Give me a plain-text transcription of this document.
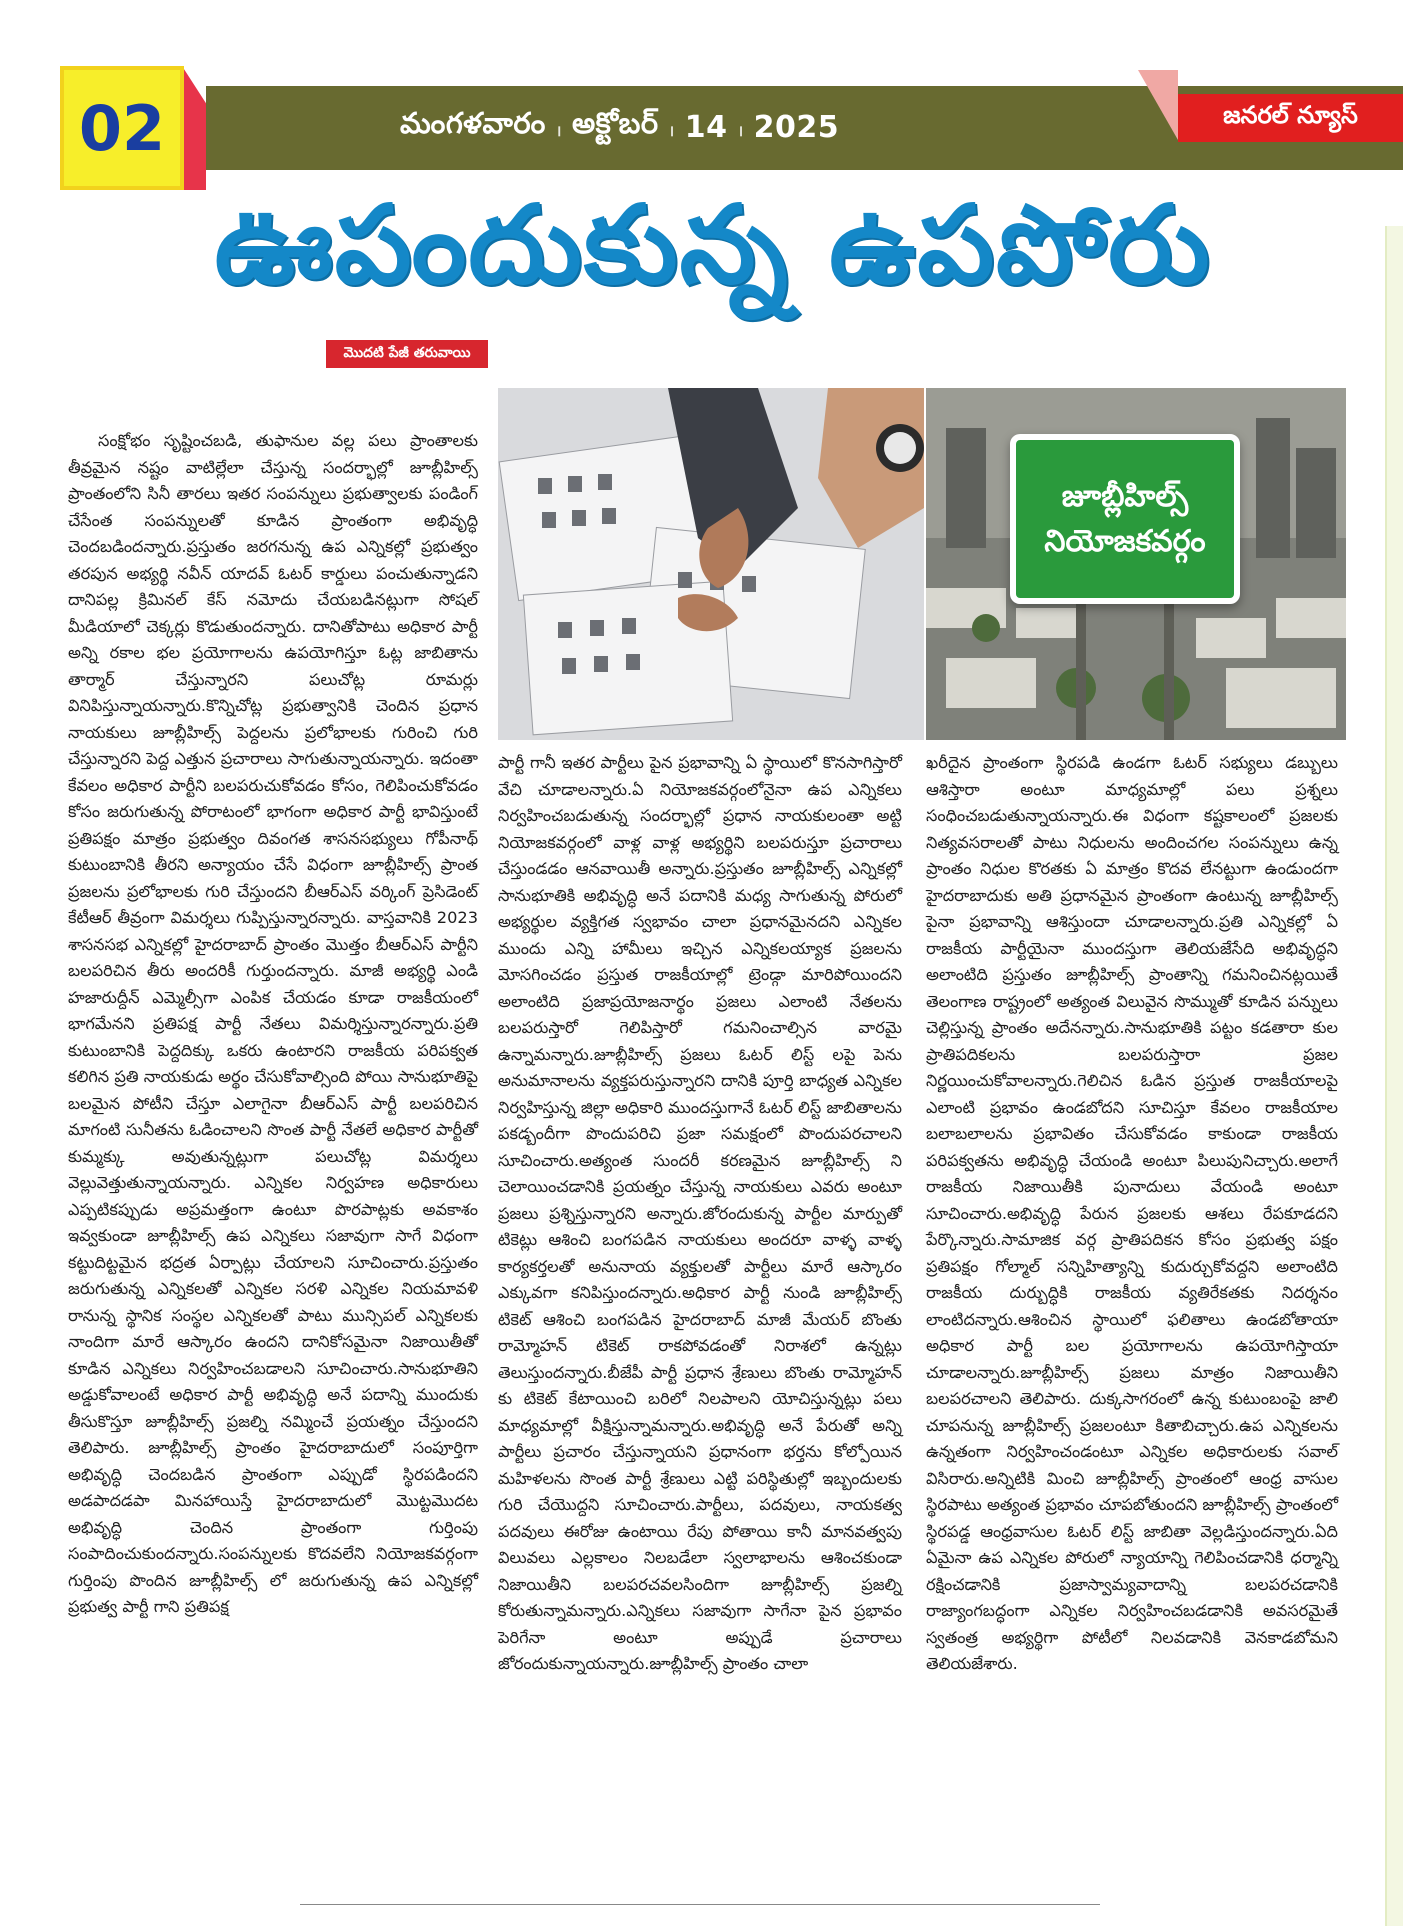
02	మంగళవారం । అక్టోబర్ । 14 । 2025	జనరల్ న్యూస్
ఊపందుకున్న ఉపపోరు
మొదటి పేజీ తరువాయి
జూబ్లీహిల్స్
నియోజకవర్గం

సంక్షోభం సృష్టించబడి, తుఫానుల వల్ల పలు ప్రాంతాలకు తీవ్రమైన నష్టం వాటిల్లేలా చేస్తున్న సందర్భాల్లో జూబ్లీహిల్స్ ప్రాంతంలోని సినీ తారలు ఇతర సంపన్నులు ప్రభుత్వాలకు పండింగ్ చేసేంత సంపన్నులతో కూడిన ప్రాంతంగా అభివృద్ధి చెందబడిందన్నారు.ప్రస్తుతం జరగనున్న ఉప ఎన్నికల్లో ప్రభుత్వం తరపున అభ్యర్థి నవీన్ యాదవ్ ఓటర్ కార్డులు పంచుతున్నాడని దానిపల్ల క్రిమినల్ కేస్ నమోదు చేయబడినట్లుగా సోషల్ మీడియాలో చెక్కర్లు కొడుతుందన్నారు. దానితోపాటు అధికార పార్టీ అన్ని రకాల భల ప్రయోగాలను ఉపయోగిస్తూ ఓట్ల జాబితాను తార్మార్ చేస్తున్నారని పలుచోట్ల రూమర్లు వినిపిస్తున్నాయన్నారు.కొన్నిచోట్ల ప్రభుత్వానికి చెందిన ప్రధాన నాయకులు జూబ్లీహిల్స్ పెద్దలను ప్రలోభాలకు గురించి గురి చేస్తున్నారని పెద్ద ఎత్తున ప్రచారాలు సాగుతున్నాయన్నారు. ఇదంతా కేవలం అధికార పార్టీని బలపరుచుకోవడం కోసం, గెలిపించుకోవడం కోసం జరుగుతున్న పోరాటంలో భాగంగా అధికార పార్టీ భావిస్తుంటే ప్రతిపక్షం మాత్రం ప్రభుత్వం దివంగత శాసనసభ్యులు గోపీనాథ్ కుటుంబానికి తీరని అన్యాయం చేసే విధంగా జూబ్లీహిల్స్ ప్రాంత ప్రజలను ప్రలోభాలకు గురి చేస్తుందని బీఆర్ఎస్ వర్కింగ్ ప్రెసిడెంట్ కేటీఆర్ తీవ్రంగా విమర్శలు గుప్పిస్తున్నారన్నారు. వాస్తవానికి 2023 శాసనసభ ఎన్నికల్లో హైదరాబాద్ ప్రాంతం మొత్తం బీఆర్ఎస్ పార్టీని బలపరిచిన తీరు అందరికీ గుర్తుందన్నారు. మాజీ అభ్యర్థి ఎండి హజారుద్దీన్ ఎమ్మెల్సీగా ఎంపిక చేయడం కూడా రాజకీయంలో భాగమేనని ప్రతిపక్ష పార్టీ నేతలు విమర్శిస్తున్నారన్నారు.ప్రతి కుటుంబానికి పెద్దదిక్కు ఒకరు ఉంటారని రాజకీయ పరిపక్వత కలిగిన ప్రతి నాయకుడు అర్థం చేసుకోవాల్సింది పోయి సానుభూతిపై బలమైన పోటీని చేస్తూ ఎలాగైనా బీఆర్ఎస్ పార్టీ బలపరిచిన మాగంటి సునీతను ఓడించాలని సొంత పార్టీ నేతలే అధికార పార్టీతో కుమ్మక్కు అవుతున్నట్లుగా పలుచోట్ల విమర్శలు వెల్లువెత్తుతున్నాయన్నారు. ఎన్నికల నిర్వహణ అధికారులు ఎప్పటికప్పుడు అప్రమత్తంగా ఉంటూ పొరపాట్లకు అవకాశం ఇవ్వకుండా జూబ్లీహిల్స్ ఉప ఎన్నికలు సజావుగా సాగే విధంగా కట్టుదిట్టమైన భద్రత ఏర్పాట్లు చేయాలని సూచించారు.ప్రస్తుతం జరుగుతున్న ఎన్నికలతో ఎన్నికల సరళి ఎన్నికల నియమావళి రానున్న స్థానిక సంస్థల ఎన్నికలతో పాటు మున్సిపల్ ఎన్నికలకు నాందిగా మారే ఆస్కారం ఉందని దానికోసమైనా నిజాయితీతో కూడిన ఎన్నికలు నిర్వహించబడాలని సూచించారు.సానుభూతిని అడ్డుకోవాలంటే అధికార పార్టీ అభివృద్ధి అనే పదాన్ని ముందుకు తీసుకొస్తూ జూబ్లీహిల్స్ ప్రజల్ని నమ్మించే ప్రయత్నం చేస్తుందని తెలిపారు. జూబ్లీహిల్స్ ప్రాంతం హైదరాబాదులో సంపూర్తిగా అభివృద్ధి చెందబడిన ప్రాంతంగా ఎప్పుడో స్థిరపడిందని అడపాదడపా మినహాయిస్తే హైదరాబాదులో మొట్టమొదట అభివృద్ధి చెందిన ప్రాంతంగా గుర్తింపు సంపాదించుకుందన్నారు.సంపన్నులకు కొదవలేని నియోజకవర్గంగా గుర్తింపు పొందిన జూబ్లీహిల్స్ లో జరుగుతున్న ఉప ఎన్నికల్లో ప్రభుత్వ పార్టీ గాని ప్రతిపక్ష

పార్టీ గానీ ఇతర పార్టీలు పైన ప్రభావాన్ని ఏ స్థాయిలో కొనసాగిస్తారో వేచి చూడాలన్నారు.ఏ నియోజకవర్గంలోనైనా ఉప ఎన్నికలు నిర్వహించబడుతున్న సందర్భాల్లో ప్రధాన నాయకులంతా అట్టి నియోజకవర్గంలో వాళ్ల వాళ్ల అభ్యర్థిని బలపరుస్తూ ప్రచారాలు చేస్తుండడం ఆనవాయితీ అన్నారు.ప్రస్తుతం జూబ్లీహిల్స్ ఎన్నికల్లో సానుభూతికి అభివృద్ధి అనే పదానికి మధ్య సాగుతున్న పోరులో అభ్యర్థుల వ్యక్తిగత స్వభావం చాలా ప్రధానమైనదని ఎన్నికల ముందు ఎన్ని హామీలు ఇచ్చిన ఎన్నికలయ్యాక ప్రజలను మోసగించడం ప్రస్తుత రాజకీయాల్లో ట్రెండ్గా మారిపోయిందని అలాంటిది ప్రజాప్రయోజనార్థం ప్రజలు ఎలాంటి నేతలను బలపరుస్తారో గెలిపిస్తారో గమనించాల్సిన వారమై ఉన్నామన్నారు.జూబ్లీహిల్స్ ప్రజలు ఓటర్ లిస్ట్ లపై పెను అనుమానాలను వ్యక్తపరుస్తున్నారని దానికి పూర్తి బాధ్యత ఎన్నికల నిర్వహిస్తున్న జిల్లా అధికారి ముందస్తుగానే ఓటర్ లిస్ట్ జాబితాలను పకడ్బందీగా పొందుపరిచి ప్రజా సమక్షంలో పొందుపరచాలని సూచించారు.అత్యంత సుందరీ కరణమైన జూబ్లీహిల్స్ ని చెలాయించడానికి ప్రయత్నం చేస్తున్న నాయకులు ఎవరు అంటూ ప్రజలు ప్రశ్నిస్తున్నారని అన్నారు.జోరందుకున్న పార్టీల మార్పుతో టికెట్లు ఆశించి బంగపడిన నాయకులు అందరూ వాళ్ళ వాళ్ళ కార్యకర్తలతో అనునాయ వ్యక్తులతో పార్టీలు మారే ఆస్కారం ఎక్కువగా కనిపిస్తుందన్నారు.అధికార పార్టీ నుండి జూబ్లీహిల్స్ టికెట్ ఆశించి బంగపడిన హైదరాబాద్ మాజీ మేయర్ బొంతు రామ్మోహన్ టికెట్ రాకపోవడంతో నిరాశలో ఉన్నట్లు తెలుస్తుందన్నారు.బీజేపీ పార్టీ ప్రధాన శ్రేణులు బొంతు రామ్మోహన్ కు టికెట్ కేటాయించి బరిలో నిలపాలని యోచిస్తున్నట్లు పలు మాధ్యమాల్లో వీక్షిస్తున్నామన్నారు.అభివృద్ధి అనే పేరుతో అన్ని పార్టీలు ప్రచారం చేస్తున్నాయని ప్రధానంగా భర్తను కోల్పోయిన మహిళలను సొంత పార్టీ శ్రేణులు ఎట్టి పరిస్థితుల్లో ఇబ్బందులకు గురి చేయొద్దని సూచించారు.పార్టీలు, పదవులు, నాయకత్వ పదవులు ఈరోజు ఉంటాయి రేపు పోతాయి కానీ మానవత్వపు విలువలు ఎల్లకాలం నిలబడేలా స్వలాభాలను ఆశించకుండా నిజాయితీని బలపరచవలసిందిగా జూబ్లీహిల్స్ ప్రజల్ని కోరుతున్నామన్నారు.ఎన్నికలు సజావుగా సాగేనా పైన ప్రభావం పెరిగేనా అంటూ అప్పుడే ప్రచారాలు జోరందుకున్నాయన్నారు.జూబ్లీహిల్స్ ప్రాంతం చాలా

ఖరీదైన ప్రాంతంగా స్థిరపడి ఉండగా ఓటర్ సభ్యులు డబ్బులు ఆశిస్తారా అంటూ మాధ్యమాల్లో పలు ప్రశ్నలు సంధించబడుతున్నాయన్నారు.ఈ విధంగా కష్టకాలంలో ప్రజలకు నిత్యవసరాలతో పాటు నిధులను అందించగల సంపన్నులు ఉన్న ప్రాంతం నిధుల కొరతకు ఏ మాత్రం కొదవ లేనట్టుగా ఉండుందగా హైదరాబాదుకు అతి ప్రధానమైన ప్రాంతంగా ఉంటున్న జూబ్లీహిల్స్ పైనా ప్రభావాన్ని ఆశిస్తుందా చూడాలన్నారు.ప్రతి ఎన్నికల్లో ఏ రాజకీయ పార్టీయైనా ముందస్తుగా తెలియజేసేది అభివృద్ధని అలాంటిది ప్రస్తుతం జూబ్లీహిల్స్ ప్రాంతాన్ని గమనించినట్లయితే తెలంగాణ రాష్ట్రంలో అత్యంత విలువైన సొమ్ముతో కూడిన పన్నులు చెల్లిస్తున్న ప్రాంతం అదేనన్నారు.సానుభూతికి పట్టం కడతారా కుల ప్రాతిపదికలను బలపరుస్తారా ప్రజల నిర్ణయించుకోవాలన్నారు.గెలిచిన ఓడిన ప్రస్తుత రాజకీయాలపై ఎలాంటి ప్రభావం ఉండబోదని సూచిస్తూ కేవలం రాజకీయాల బలాబలాలను ప్రభావితం చేసుకోవడం కాకుండా రాజకీయ పరిపక్వతను అభివృద్ధి చేయండి అంటూ పిలుపునిచ్చారు.అలాగే రాజకీయ నిజాయితీకి పునాదులు వేయండి అంటూ సూచించారు.అభివృద్ధి పేరున ప్రజలకు ఆశలు రేపకూడదని పేర్కొన్నారు.సామాజిక వర్గ ప్రాతిపదికన కోసం ప్రభుత్వ పక్షం ప్రతిపక్షం గోల్మాల్ సన్నిహిత్యాన్ని కుదుర్చుకోవద్దని అలాంటిది రాజకీయ దుర్బుద్ధికి రాజకీయ వ్యతిరేకతకు నిదర్శనం లాంటిదన్నారు.ఆశించిన స్థాయిలో ఫలితాలు ఉండబోతాయా అధికార పార్టీ బల ప్రయోగాలను ఉపయోగిస్తాయా చూడాలన్నారు.జూబ్లీహిల్స్ ప్రజలు మాత్రం నిజాయితీని బలపరచాలని తెలిపారు. దుక్కసాగరంలో ఉన్న కుటుంబంపై జాలి చూపనున్న జూబ్లీహిల్స్ ప్రజలంటూ కితాబిచ్చారు.ఉప ఎన్నికలను ఉన్నతంగా నిర్వహించండంటూ ఎన్నికల అధికారులకు సవాల్ విసిరారు.అన్నిటికి మించి జూబ్లీహిల్స్ ప్రాంతంలో ఆంధ్ర వాసుల స్థిరపాటు అత్యంత ప్రభావం చూపబోతుందని జూబ్లీహిల్స్ ప్రాంతంలో స్థిరపడ్డ ఆంధ్రవాసుల ఓటర్ లిస్ట్ జాబితా వెల్లడిస్తుందన్నారు.ఏది ఏమైనా ఉప ఎన్నికల పోరులో న్యాయాన్ని గెలిపించడానికి ధర్మాన్ని రక్షించడానికి ప్రజాస్వామ్యవాదాన్ని బలపరచడానికి రాజ్యాంగబద్ధంగా ఎన్నికల నిర్వహించబడడానికి అవసరమైతే స్వతంత్ర అభ్యర్థిగా పోటీలో నిలవడానికి వెనకాడబోమని తెలియజేశారు.
